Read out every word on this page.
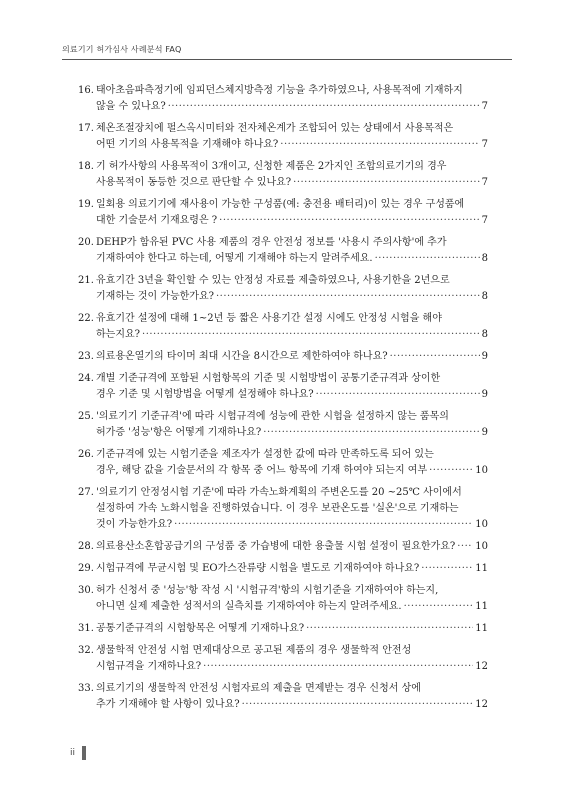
의료기기 허가심사 사례분석 FAQ
16. 태아초음파측정기에 임피던스체지방측정 기능을 추가하였으나, 사용목적에 기재하지
않을 수 있나요? ·····	7
17. 체온조절장치에 펄스옥시미터와 전자체온계가 조합되어 있는 상태에서 사용목적은
어떤 기기의 사용목적을 기재해야 하나요? ·····	7
18. 기 허가사항의 사용목적이 3개이고, 신청한 제품은 2가지인 조합의료기기의 경우
사용목적이 동등한 것으로 판단할 수 있나요? ·····	7
19. 일회용 의료기기에 재사용이 가능한 구성품(예: 충전용 배터리)이 있는 경우 구성품에
대한 기술문서 기재요령은 ? ·····	7
20. DEHP가 함유된 PVC 사용 제품의 경우 안전성 정보를 '사용시 주의사항'에 추가
기재하여야 한다고 하는데, 어떻게 기재해야 하는지 알려주세요. ·····	8
21. 유효기간 3년을 확인할 수 있는 안정성 자료를 제출하였으나, 사용기한을 2년으로
기재하는 것이 가능한가요? ·····	8
22. 유효기간 설정에 대해 1~2년 등 짧은 사용기간 설정 시에도 안정성 시험을 해야
하는지요? ·····	8
23. 의료용온열기의 타이머 최대 시간을 8시간으로 제한하여야 하나요? ·····	9
24. 개별 기준규격에 포함된 시험항목의 기준 및 시험방법이 공통기준규격과 상이한
경우 기준 및 시험방법을 어떻게 설정해야 하나요? ·····	9
25. '의료기기 기준규격'에 따라 시험규격에 성능에 관한 시험을 설정하지 않는 품목의
허가증 '성능'항은 어떻게 기재하나요? ·····	9
26. 기준규격에 있는 시험기준을 제조자가 설정한 값에 따라 만족하도록 되어 있는
경우, 해당 값을 기술문서의 각 항목 중 어느 항목에 기재 하여야 되는지 여부 ·····	10
27. '의료기기 안정성시험 기준'에 따라 가속노화계획의 주변온도를 20 ~25℃ 사이에서
설정하여 가속 노화시험을 진행하였습니다. 이 경우 보관온도를 '실온'으로 기재하는
것이 가능한가요? ·····	10
28. 의료용산소혼합공급기의 구성품 중 가습병에 대한 용출물 시험 설정이 필요한가요? ····· 10
29. 시험규격에 무균시험 및 EO가스잔류량 시험을 별도로 기재하여야 하나요? ·····	11
30. 허가 신청서 중 '성능'항 작성 시 '시험규격'항의 시험기준을 기재하여야 하는지,
아니면 실제 제출한 성적서의 실측치를 기재하여야 하는지 알려주세요. ·····	11
31. 공통기준규격의 시험항목은 어떻게 기재하나요? ·····	11
32. 생물학적 안전성 시험 면제대상으로 공고된 제품의 경우 생물학적 안전성
시험규격을 기재하나요? ·····	12
33. 의료기기의 생물학적 안전성 시험자료의 제출을 면제받는 경우 신청서 상에
추가 기재해야 할 사항이 있나요? ·····	12
ii
